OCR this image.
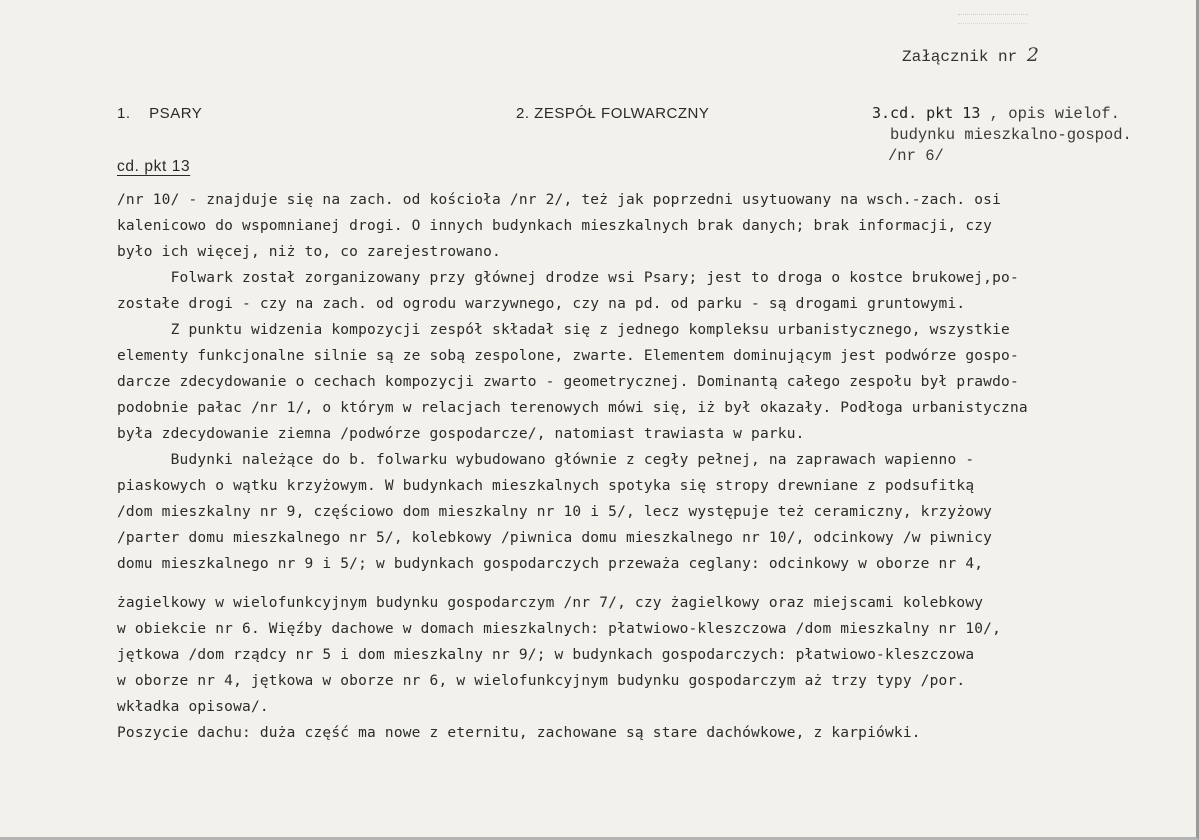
Załącznik nr 2
1.    PSARY	2. ZESPÓŁ FOLWARCZNY	3.cd. pkt 13 , opis wielof.
budynku mieszkalno-gospod.
/nr 6/
cd. pkt 13
/nr 10/ - znajduje się na zach. od kościoła /nr 2/, też jak poprzedni usytuowany na wsch.-zach. osi
kalenicowo do wspomnianej drogi. O innych budynkach mieszkalnych brak danych; brak informacji, czy
było ich więcej, niż to, co zarejestrowano.
Folwark został zorganizowany przy głównej drodze wsi Psary; jest to droga o kostce brukowej,po-
zostałe drogi - czy na zach. od ogrodu warzywnego, czy na pd. od parku - są drogami gruntowymi.
Z punktu widzenia kompozycji zespół składał się z jednego kompleksu urbanistycznego, wszystkie
elementy funkcjonalne silnie są ze sobą zespolone, zwarte. Elementem dominującym jest podwórze gospo-
darcze zdecydowanie o cechach kompozycji zwarto - geometrycznej. Dominantą całego zespołu był prawdo-
podobnie pałac /nr 1/, o którym w relacjach terenowych mówi się, iż był okazały. Podłoga urbanistyczna
była zdecydowanie ziemna /podwórze gospodarcze/, natomiast trawiasta w parku.
Budynki należące do b. folwarku wybudowano głównie z cegły pełnej, na zaprawach wapienno -
piaskowych o wątku krzyżowym. W budynkach mieszkalnych spotyka się stropy drewniane z podsufitką
/dom mieszkalny nr 9, częściowo dom mieszkalny nr 10 i 5/, lecz występuje też ceramiczny, krzyżowy
/parter domu mieszkalnego nr 5/, kolebkowy /piwnica domu mieszkalnego nr 10/, odcinkowy /w piwnicy
domu mieszkalnego nr 9 i 5/; w budynkach gospodarczych przeważa ceglany: odcinkowy w oborze nr 4,
żagielkowy w wielofunkcyjnym budynku gospodarczym /nr 7/, czy żagielkowy oraz miejscami kolebkowy
w obiekcie nr 6. Więźby dachowe w domach mieszkalnych: płatwiowo-kleszczowa /dom mieszkalny nr 10/,
jętkowa /dom rządcy nr 5 i dom mieszkalny nr 9/; w budynkach gospodarczych: płatwiowo-kleszczowa
w oborze nr 4, jętkowa w oborze nr 6, w wielofunkcyjnym budynku gospodarczym aż trzy typy /por.
wkładka opisowa/.
Poszycie dachu: duża część ma nowe z eternitu, zachowane są stare dachówkowe, z karpiówki.
